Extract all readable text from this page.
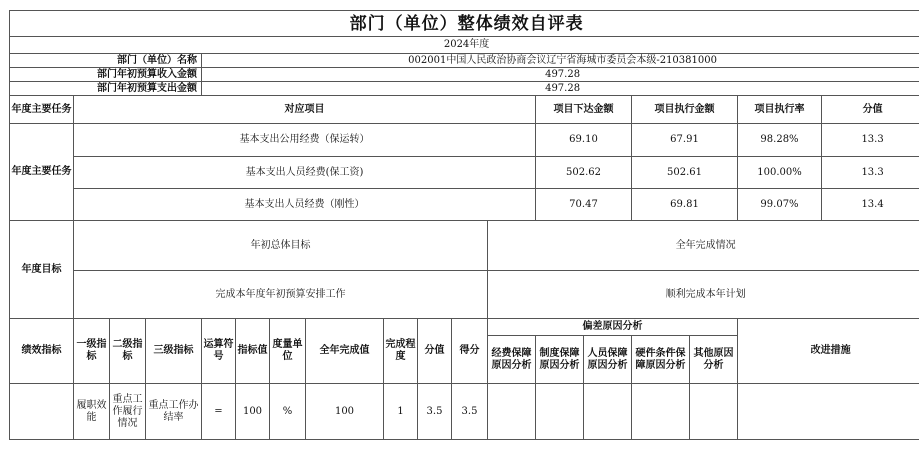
部门（单位）整体绩效自评表																	
2024年度																	
部门（单位）名称				002001中国人民政治协商会议辽宁省海城市委员会本级-210381000													
部门年初预算收入金额				497.28													
部门年初预算支出金额				497.28													
年度主要任务	对应项目											项目下达金额		项目执行金额		项目执行率	分值
年度主要任务	基本支出公用经费（保运转）											69.10		67.91		98.28%	13.3
	基本支出人员经费(保工资)											502.62		502.61		100.00%	13.3
	基本支出人员经费（刚性）											70.47		69.81		99.07%	13.4
年度目标	年初总体目标										全年完成情况						
	完成本年度年初预算安排工作										顺利完成本年计划						
绩效指标	一级指标	二级指标	三级指标	运算符号	指标值	度量单位	全年完成值	完成程度	分值	得分	偏差原因分析					改进措施	
											经费保障原因分析	制度保障原因分析	人员保障原因分析	硬件条件保障原因分析	其他原因分析		
	履职效能	重点工作履行情况	重点工作办结率	=	100	%	100	1	3.5	3.5							
